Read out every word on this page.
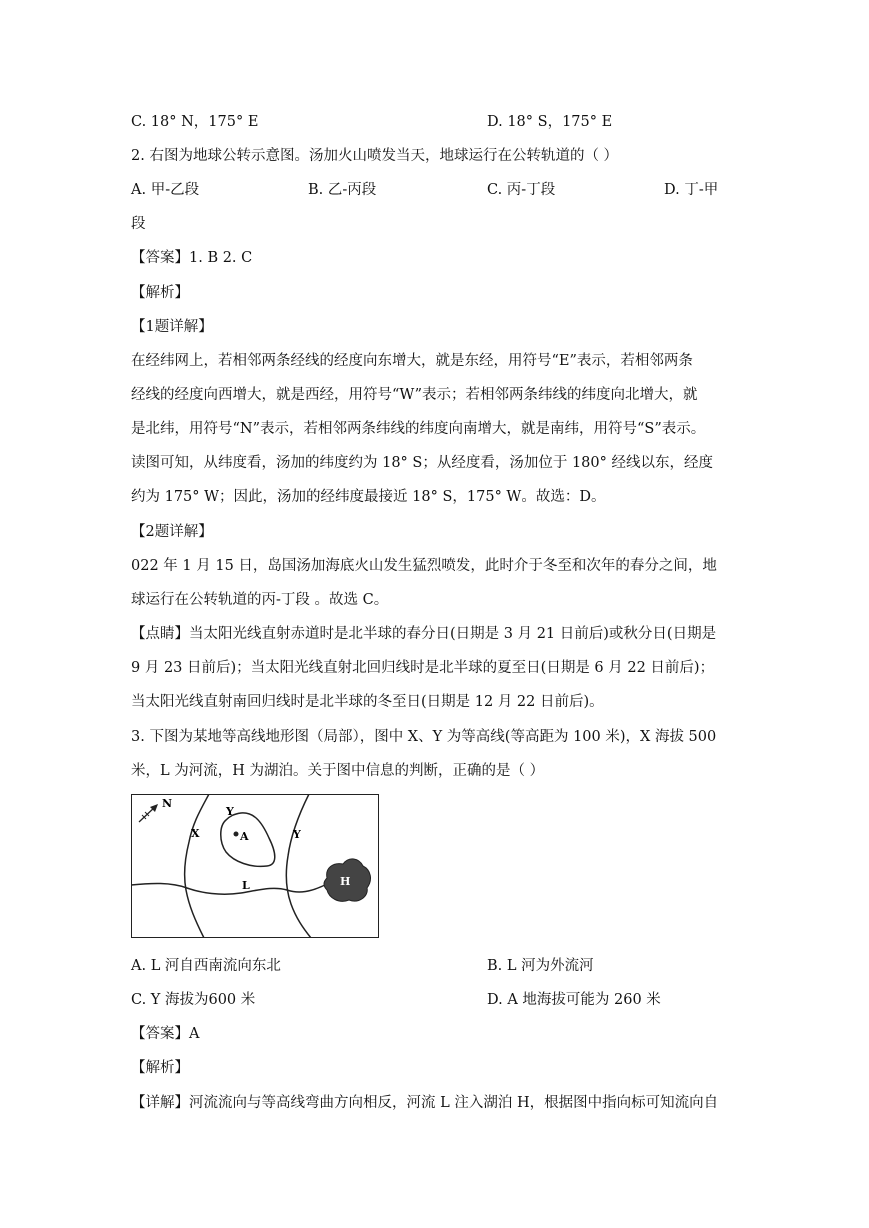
C. 18° N，175° E	D. 18° S，175° E
2. 右图为地球公转示意图。汤加火山喷发当天，地球运行在公转轨道的（ ）
A. 甲-乙段	B. 乙-丙段	C. 丙-丁段	D. 丁-甲
段
【答案】1. B 2. C
【解析】
【1题详解】
在经纬网上，若相邻两条经线的经度向东增大，就是东经，用符号“E”表示，若相邻两条
经线的经度向西增大，就是西经，用符号“W”表示；若相邻两条纬线的纬度向北增大，就
是北纬，用符号“N”表示，若相邻两条纬线的纬度向南增大，就是南纬，用符号“S”表示。
读图可知，从纬度看，汤加的纬度约为 18° S；从经度看，汤加位于 180° 经线以东，经度
约为 175° W；因此，汤加的经纬度最接近 18° S，175° W。故选：D。
【2题详解】
022 年 1 月 15 日，岛国汤加海底火山发生猛烈喷发，此时介于冬至和次年的春分之间，地
球运行在公转轨道的丙-丁段 。故选 C。
【点睛】当太阳光线直射赤道时是北半球的春分日(日期是 3 月 21 日前后)或秋分日(日期是
9 月 23 日前后)；当太阳光线直射北回归线时是北半球的夏至日(日期是 6 月 22 日前后)；
当太阳光线直射南回归线时是北半球的冬至日(日期是 12 月 22 日前后)。
3. 下图为某地等高线地形图（局部），图中 X、Y 为等高线(等高距为 100 米)，X 海拔 500
米，L 为河流，H 为湖泊。关于图中信息的判断，正确的是（ ）
N
X
Y
A	Y
L	H
A. L 河自西南流向东北	B. L 河为外流河
C. Y 海拔为600 米	D. A 地海拔可能为 260 米
【答案】A
【解析】
【详解】河流流向与等高线弯曲方向相反，河流 L 注入湖泊 H，根据图中指向标可知流向自
